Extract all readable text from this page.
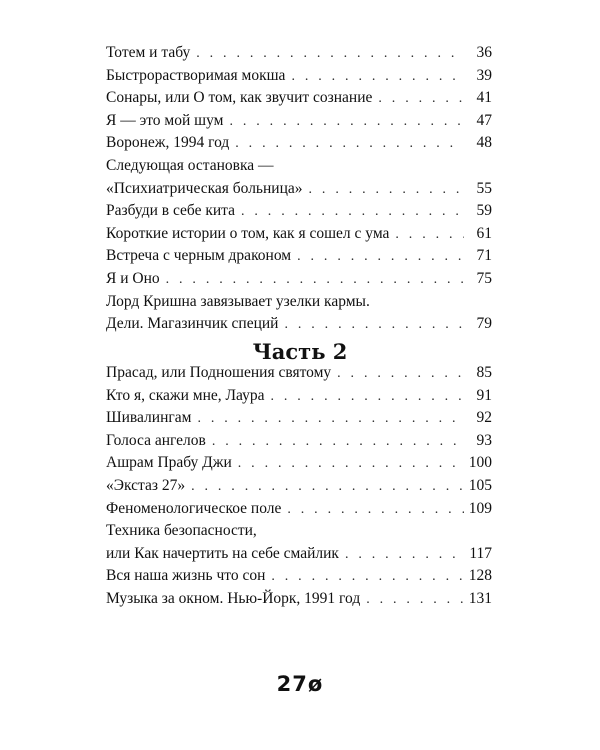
Тотем и табу . . .	36
Быстрорастворимая мокша . . .	39
Сонары, или О том, как звучит сознание . . .	41
Я — это мой шум . . .	47
Воронеж, 1994 год . . .	48
Следующая остановка —
«Психиатрическая больница» . . .	55
Разбуди в себе кита . . .	59
Короткие истории о том, как я сошел с ума . . .	61
Встреча с черным драконом . . .	71
Я и Оно . . .	75
Лорд Кришна завязывает узелки кармы.
Дели. Магазинчик специй . . .	79
Часть 2
Прасад, или Подношения святому . . .	85
Кто я, скажи мне, Лаура . . .	91
Шивалингам . . .	92
Голоса ангелов . . .	93
Ашрам Прабу Джи . . .	100
«Экстаз 27» . . .	105
Феноменологическое поле . . .	109
Техника безопасности,
или Как начертить на себе смайлик . . .	117
Вся наша жизнь что сон . . .	128
Музыка за окном. Нью-Йорк, 1991 год . . .	131
27ø
